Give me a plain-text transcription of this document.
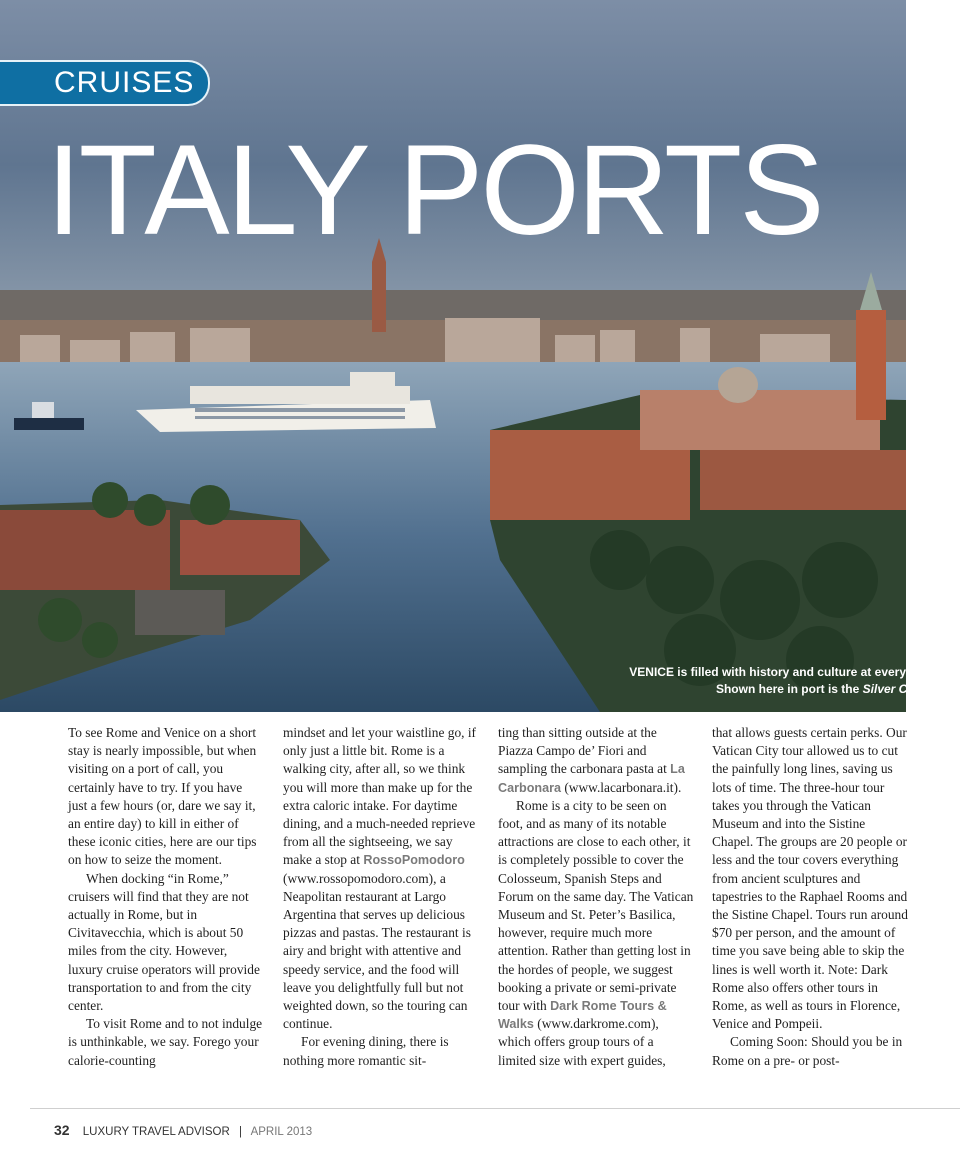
CRUISES
ITALY PORTS
VENICE is filled with history and culture at every turn. Shown here in port is the Silver Cloud.

To see Rome and Venice on a short stay is nearly impossible, but when visiting on a port of call, you certainly have to try. If you have just a few hours (or, dare we say it, an entire day) to kill in either of these iconic cities, here are our tips on how to seize the moment.

When docking “in Rome,” cruisers will find that they are not actually in Rome, but in Civitavecchia, which is about 50 miles from the city. However, luxury cruise operators will provide transportation to and from the city center.

To visit Rome and to not indulge is unthinkable, we say. Forego your calorie-counting

mindset and let your waistline go, if only just a little bit. Rome is a walking city, after all, so we think you will more than make up for the extra caloric intake. For daytime dining, and a much-needed reprieve from all the sightseeing, we say make a stop at RossoPomodoro (www.rossopomodoro.com), a Neapolitan restaurant at Largo Argentina that serves up delicious pizzas and pastas. The restaurant is airy and bright with attentive and speedy service, and the food will leave you delightfully full but not weighted down, so the touring can continue.

For evening dining, there is nothing more romantic sit-

ting than sitting outside at the Piazza Campo de’ Fiori and sampling the carbonara pasta at La Carbonara (www.lacarbonara.it).

Rome is a city to be seen on foot, and as many of its notable attractions are close to each other, it is completely possible to cover the Colosseum, Spanish Steps and Forum on the same day. The Vatican Museum and St. Peter’s Basilica, however, require much more attention. Rather than getting lost in the hordes of people, we suggest booking a private or semi-private tour with Dark Rome Tours & Walks (www.darkrome.com), which offers group tours of a limited size with expert guides,

that allows guests certain perks. Our Vatican City tour allowed us to cut the painfully long lines, saving us lots of time. The three-hour tour takes you through the Vatican Museum and into the Sistine Chapel. The groups are 20 people or less and the tour covers everything from ancient sculptures and tapestries to the Raphael Rooms and the Sistine Chapel. Tours run around $70 per person, and the amount of time you save being able to skip the lines is well worth it. Note: Dark Rome also offers other tours in Rome, as well as tours in Florence, Venice and Pompeii.

Coming Soon: Should you be in Rome on a pre- or post-

32 LUXURY TRAVEL ADVISOR | APRIL 2013
